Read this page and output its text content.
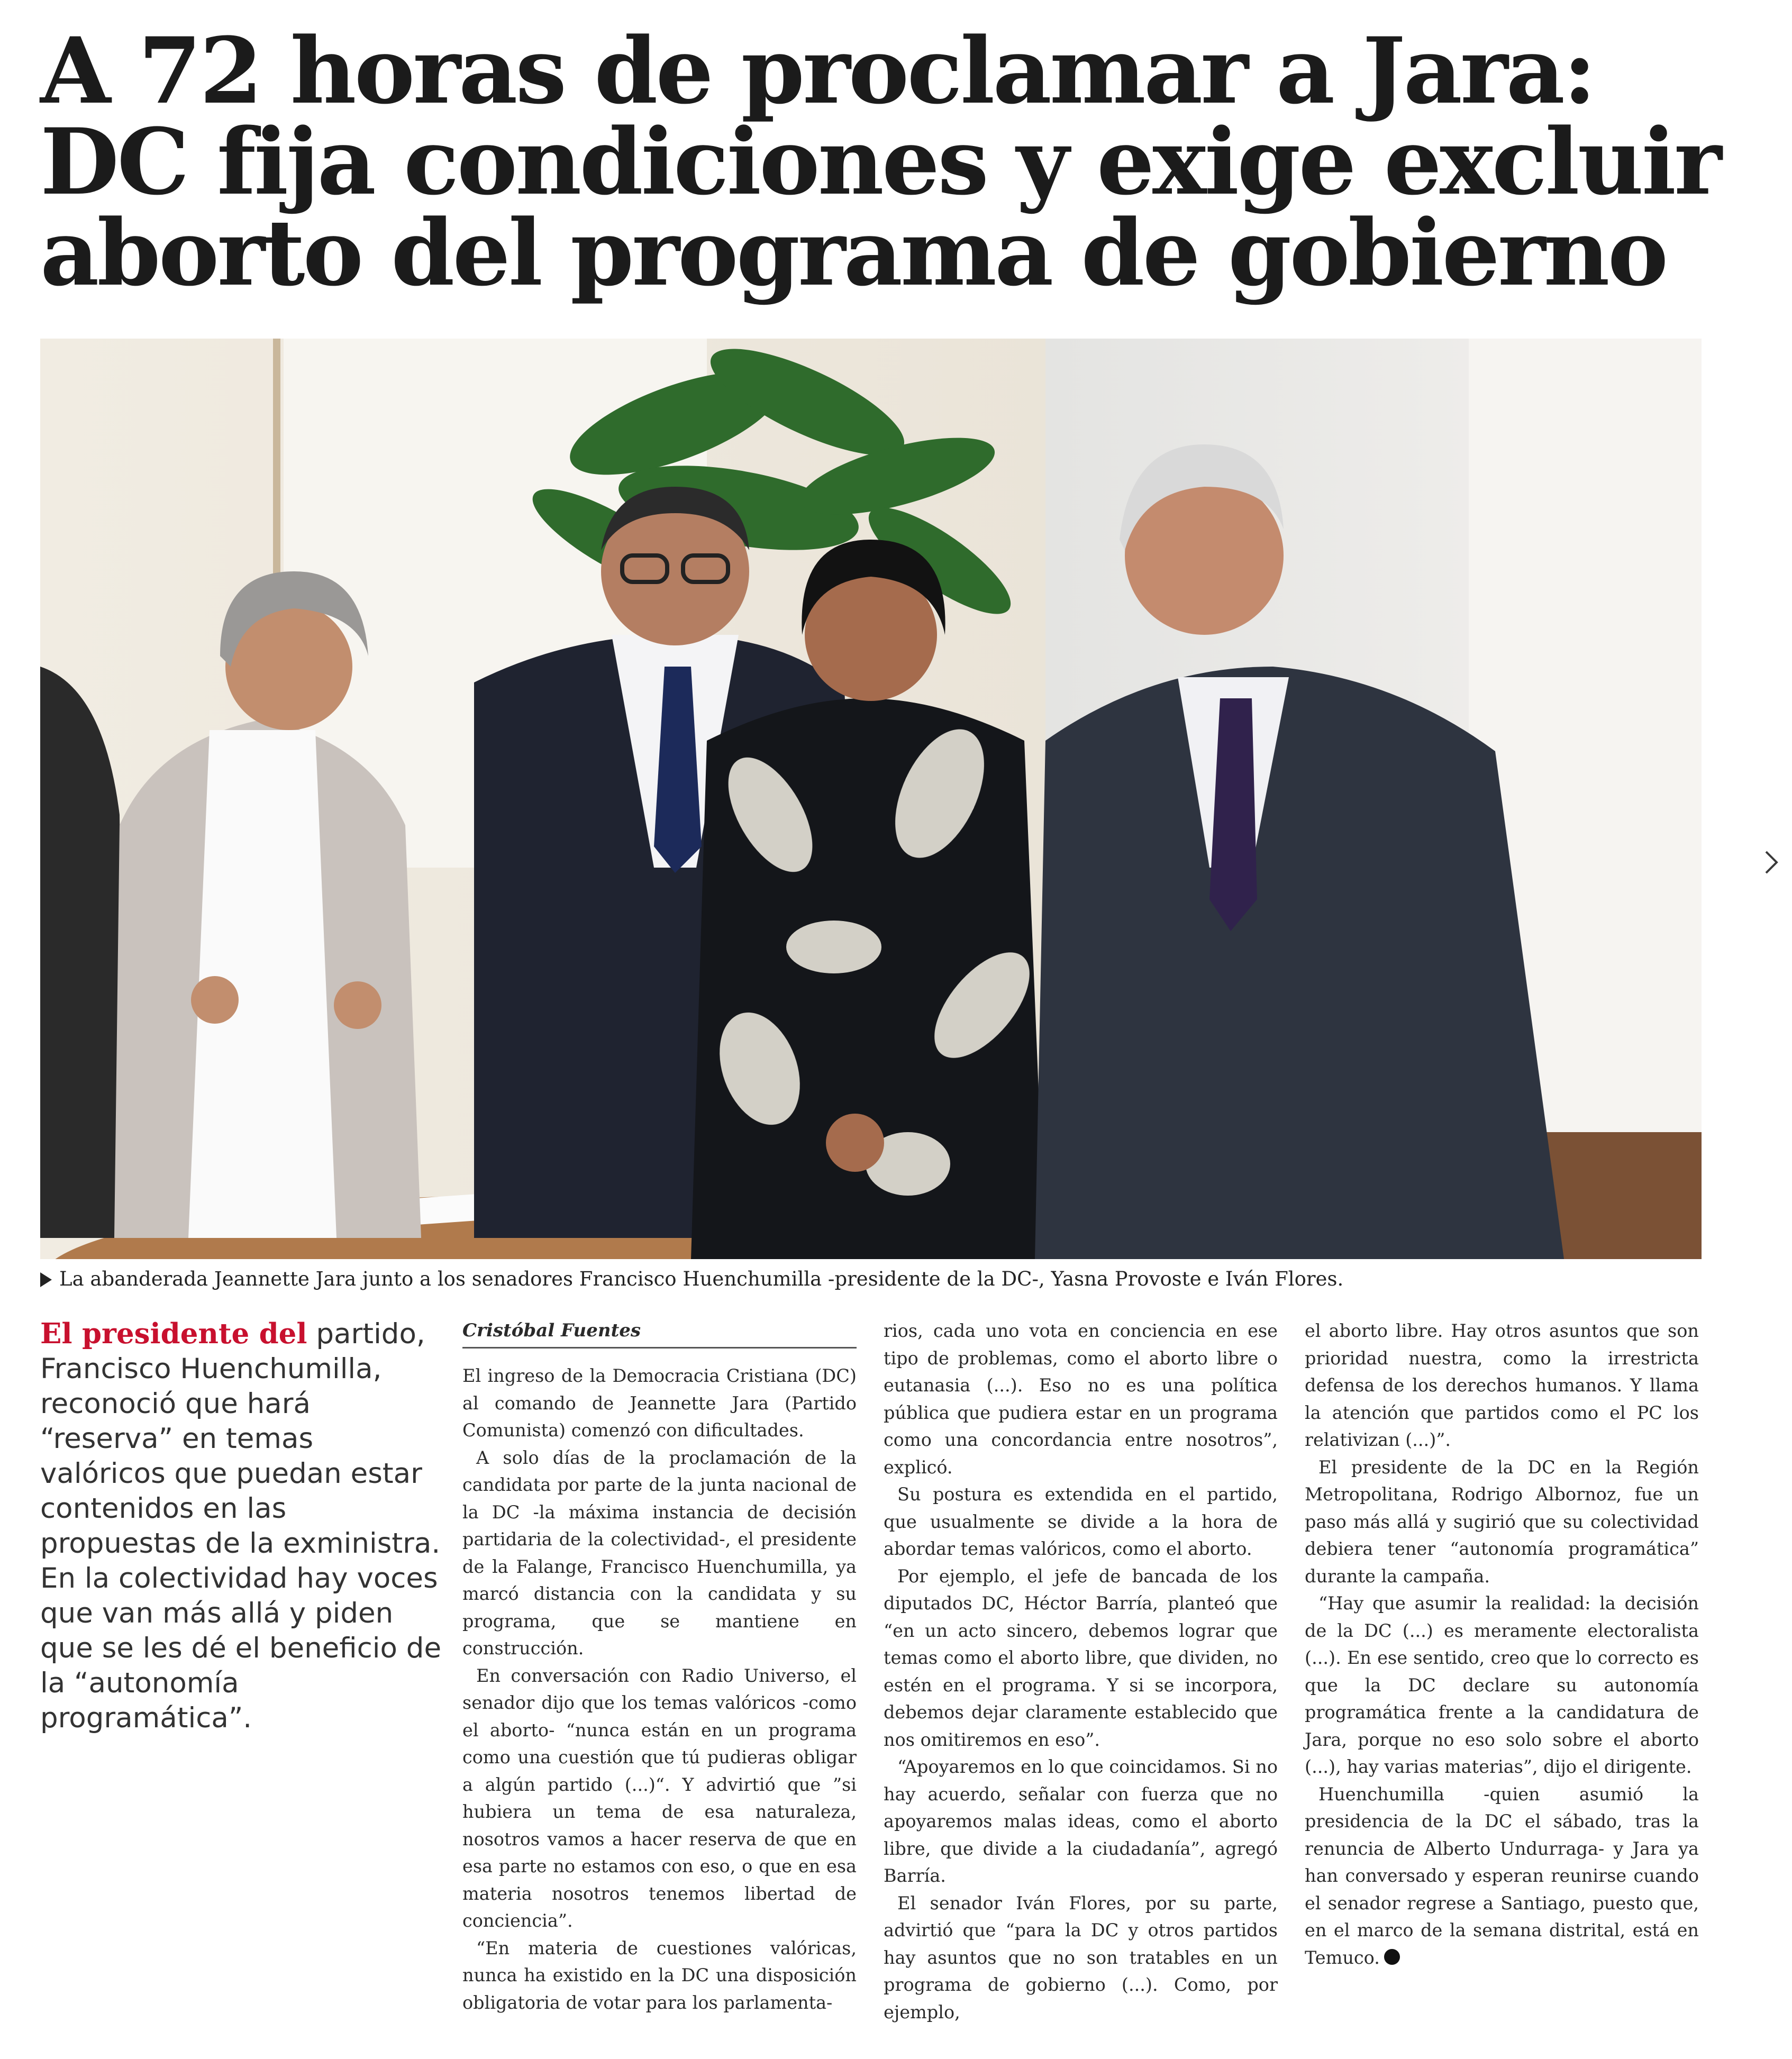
A 72 horas de proclamar a Jara:
DC fija condiciones y exige excluir
aborto del programa de gobierno
La abanderada Jeannette Jara junto a los senadores Francisco Huenchumilla -presidente de la DC-, Yasna Provoste e Iván Flores.

El presidente del partido, Francisco Huenchumilla, reconoció que hará “reserva” en temas valóricos que puedan estar contenidos en las propuestas de la exministra. En la colectividad hay voces que van más allá y piden que se les dé el beneficio de la “autonomía programática”.

Cristóbal Fuentes

El ingreso de la Democracia Cristiana (DC) al comando de Jeannette Jara (Partido Comunista) comenzó con dificultades.

A solo días de la proclamación de la candidata por parte de la junta nacional de la DC -la máxima instancia de decisión partidaria de la colectividad-, el presidente de la Falange, Francisco Huenchumilla, ya marcó distancia con la candidata y su programa, que se mantiene en construcción.

En conversación con Radio Universo, el senador dijo que los temas valóricos -como el aborto- “nunca están en un programa como una cuestión que tú pudieras obligar a algún partido (...)“. Y advirtió que ”si hubiera un tema de esa naturaleza, nosotros vamos a hacer reserva de que en esa parte no estamos con eso, o que en esa materia nosotros tenemos libertad de conciencia”.

“En materia de cuestiones valóricas, nunca ha existido en la DC una disposición obligatoria de votar para los parlamenta-

rios, cada uno vota en conciencia en ese tipo de problemas, como el aborto libre o eutanasia (...). Eso no es una política pública que pudiera estar en un programa como una concordancia entre nosotros”, explicó.

Su postura es extendida en el partido, que usualmente se divide a la hora de abordar temas valóricos, como el aborto.

Por ejemplo, el jefe de bancada de los diputados DC, Héctor Barría, planteó que “en un acto sincero, debemos lograr que temas como el aborto libre, que dividen, no estén en el programa. Y si se incorpora, debemos dejar claramente establecido que nos omitiremos en eso”.

“Apoyaremos en lo que coincidamos. Si no hay acuerdo, señalar con fuerza que no apoyaremos malas ideas, como el aborto libre, que divide a la ciudadanía”, agregó Barría.

El senador Iván Flores, por su parte, advirtió que “para la DC y otros partidos hay asuntos que no son tratables en un programa de gobierno (...). Como, por ejemplo,

el aborto libre. Hay otros asuntos que son prioridad nuestra, como la irrestricta defensa de los derechos humanos. Y llama la atención que partidos como el PC los relativizan (...)”.

El presidente de la DC en la Región Metropolitana, Rodrigo Albornoz, fue un paso más allá y sugirió que su colectividad debiera tener “autonomía programática” durante la campaña.

“Hay que asumir la realidad: la decisión de la DC (...) es meramente electoralista (...). En ese sentido, creo que lo correcto es que la DC declare su autonomía programática frente a la candidatura de Jara, porque no eso solo sobre el aborto (...), hay varias materias”, dijo el dirigente.

Huenchumilla -quien asumió la presidencia de la DC el sábado, tras la renuncia de Alberto Undurraga- y Jara ya han conversado y esperan reunirse cuando el senador regrese a Santiago, puesto que, en el marco de la semana distrital, está en Temuco.
